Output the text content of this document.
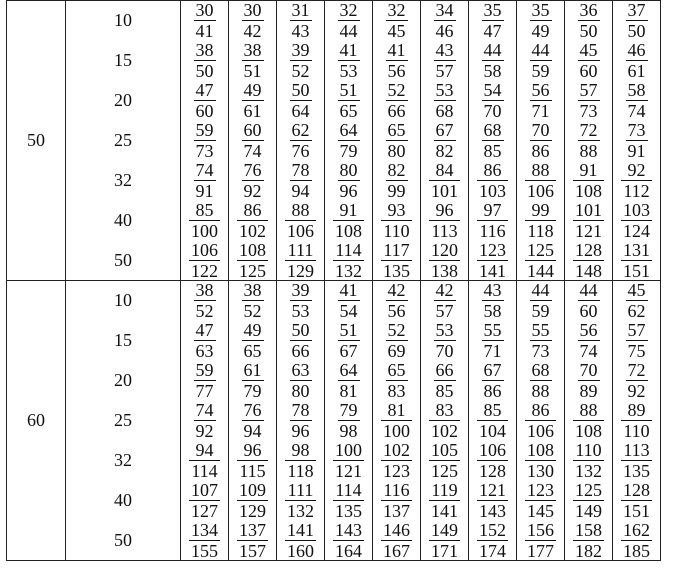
50	10	$\frac{30}{41}$	$\frac{30}{42}$	$\frac{31}{43}$	$\frac{32}{44}$	$\frac{32}{45}$	$\frac{34}{46}$	$\frac{35}{47}$	$\frac{35}{49}$	$\frac{36}{50}$	$\frac{37}{50}$

	15	$\frac{38}{50}$	$\frac{38}{51}$	$\frac{39}{52}$	$\frac{41}{53}$	$\frac{41}{56}$	$\frac{43}{57}$	$\frac{44}{58}$	$\frac{44}{59}$	$\frac{45}{60}$	$\frac{46}{61}$

	20	$\frac{47}{60}$	$\frac{49}{61}$	$\frac{50}{64}$	$\frac{51}{65}$	$\frac{52}{66}$	$\frac{53}{68}$	$\frac{54}{70}$	$\frac{56}{71}$	$\frac{57}{73}$	$\frac{58}{74}$

	25	$\frac{59}{73}$	$\frac{60}{74}$	$\frac{62}{76}$	$\frac{64}{79}$	$\frac{65}{80}$	$\frac{67}{82}$	$\frac{68}{85}$	$\frac{70}{86}$	$\frac{72}{88}$	$\frac{73}{91}$

	32	$\frac{74}{91}$	$\frac{76}{92}$	$\frac{78}{94}$	$\frac{80}{96}$	$\frac{82}{99}$	$\frac{84}{101}$	$\frac{86}{103}$	$\frac{88}{106}$	$\frac{91}{108}$	$\frac{92}{112}$

	40	$\frac{85}{100}$	$\frac{86}{102}$	$\frac{88}{106}$	$\frac{91}{108}$	$\frac{93}{110}$	$\frac{96}{113}$	$\frac{97}{116}$	$\frac{99}{118}$	$\frac{101}{121}$	$\frac{103}{124}$

	50	$\frac{106}{122}$	$\frac{108}{125}$	$\frac{111}{129}$	$\frac{114}{132}$	$\frac{117}{135}$	$\frac{120}{138}$	$\frac{123}{141}$	$\frac{125}{144}$	$\frac{128}{148}$	$\frac{131}{151}$

60	10	$\frac{38}{52}$	$\frac{38}{52}$	$\frac{39}{53}$	$\frac{41}{54}$	$\frac{42}{56}$	$\frac{42}{57}$	$\frac{43}{58}$	$\frac{44}{59}$	$\frac{44}{60}$	$\frac{45}{62}$

	15	$\frac{47}{63}$	$\frac{49}{65}$	$\frac{50}{66}$	$\frac{51}{67}$	$\frac{52}{69}$	$\frac{53}{70}$	$\frac{55}{71}$	$\frac{55}{73}$	$\frac{56}{74}$	$\frac{57}{75}$

	20	$\frac{59}{77}$	$\frac{61}{79}$	$\frac{63}{80}$	$\frac{64}{81}$	$\frac{65}{83}$	$\frac{66}{85}$	$\frac{67}{86}$	$\frac{68}{88}$	$\frac{70}{89}$	$\frac{72}{92}$

	25	$\frac{74}{92}$	$\frac{76}{94}$	$\frac{78}{96}$	$\frac{79}{98}$	$\frac{81}{100}$	$\frac{83}{102}$	$\frac{85}{104}$	$\frac{86}{106}$	$\frac{88}{108}$	$\frac{89}{110}$

	32	$\frac{94}{114}$	$\frac{96}{115}$	$\frac{98}{118}$	$\frac{100}{121}$	$\frac{102}{123}$	$\frac{105}{125}$	$\frac{106}{128}$	$\frac{108}{130}$	$\frac{110}{132}$	$\frac{113}{135}$

	40	$\frac{107}{127}$	$\frac{109}{129}$	$\frac{111}{132}$	$\frac{114}{135}$	$\frac{116}{137}$	$\frac{119}{141}$	$\frac{121}{143}$	$\frac{123}{145}$	$\frac{125}{149}$	$\frac{128}{151}$

	50	$\frac{134}{155}$	$\frac{137}{157}$	$\frac{141}{160}$	$\frac{143}{164}$	$\frac{146}{167}$	$\frac{149}{171}$	$\frac{152}{174}$	$\frac{156}{177}$	$\frac{158}{182}$	$\frac{162}{185}$
